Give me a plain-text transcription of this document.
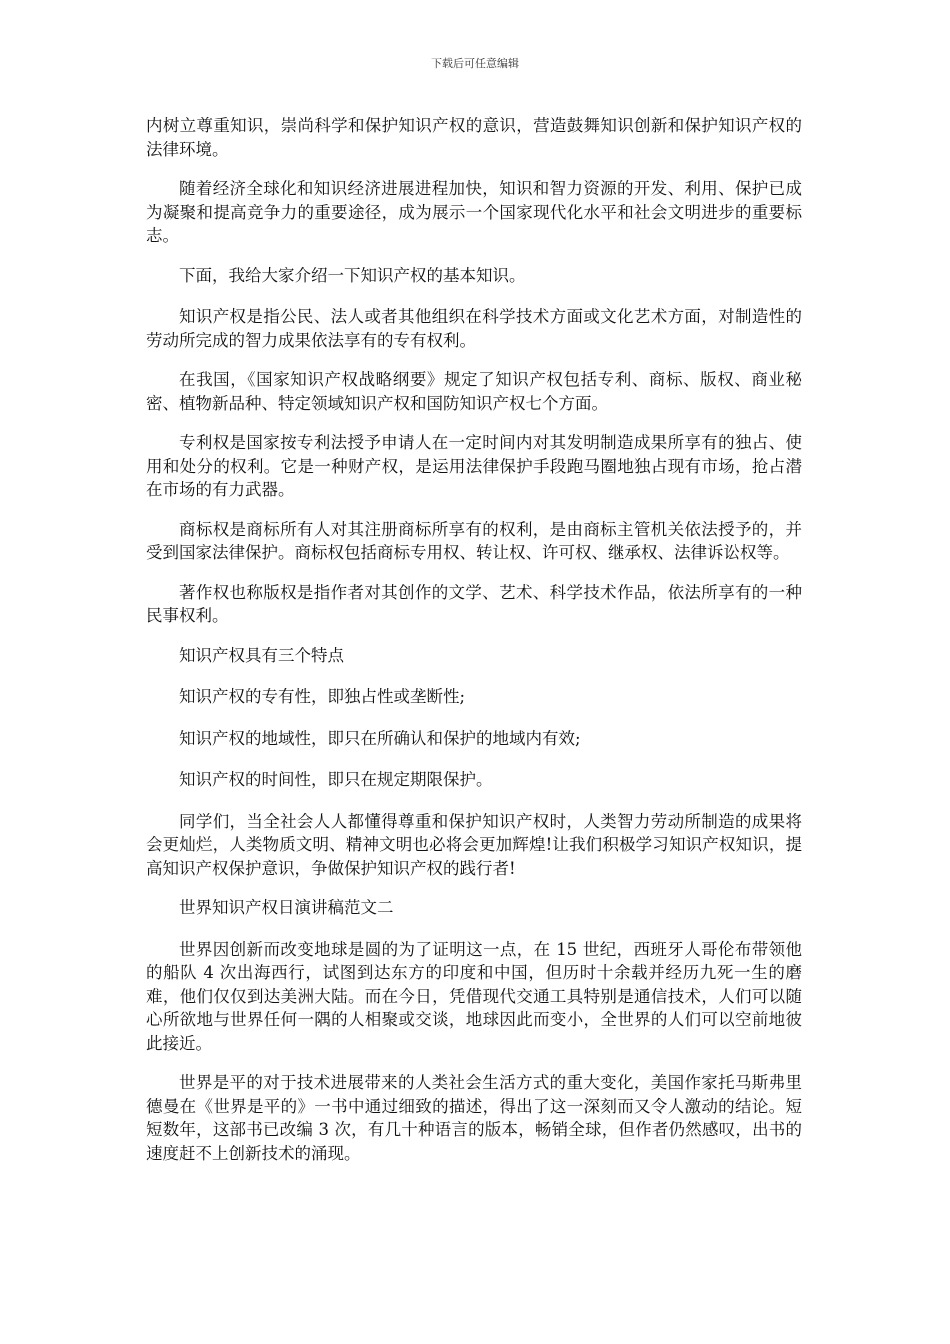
下载后可任意编辑

内树立尊重知识，崇尚科学和保护知识产权的意识，营造鼓舞知识创新和保护知识产权的法律环境。

随着经济全球化和知识经济进展进程加快，知识和智力资源的开发、利用、保护已成为凝聚和提高竞争力的重要途径，成为展示一个国家现代化水平和社会文明进步的重要标志。

下面，我给大家介绍一下知识产权的基本知识。

知识产权是指公民、法人或者其他组织在科学技术方面或文化艺术方面，对制造性的劳动所完成的智力成果依法享有的专有权利。

在我国，《国家知识产权战略纲要》规定了知识产权包括专利、商标、版权、商业秘密、植物新品种、特定领域知识产权和国防知识产权七个方面。

专利权是国家按专利法授予申请人在一定时间内对其发明制造成果所享有的独占、使用和处分的权利。它是一种财产权，是运用法律保护手段跑马圈地独占现有市场，抢占潜在市场的有力武器。

商标权是商标所有人对其注册商标所享有的权利，是由商标主管机关依法授予的，并受到国家法律保护。商标权包括商标专用权、转让权、许可权、继承权、法律诉讼权等。

著作权也称版权是指作者对其创作的文学、艺术、科学技术作品，依法所享有的一种民事权利。

知识产权具有三个特点

知识产权的专有性，即独占性或垄断性;

知识产权的地域性，即只在所确认和保护的地域内有效;

知识产权的时间性，即只在规定期限保护。

同学们，当全社会人人都懂得尊重和保护知识产权时，人类智力劳动所制造的成果将会更灿烂，人类物质文明、精神文明也必将会更加辉煌!让我们积极学习知识产权知识，提高知识产权保护意识，争做保护知识产权的践行者!

世界知识产权日演讲稿范文二

世界因创新而改变地球是圆的为了证明这一点，在 15 世纪，西班牙人哥伦布带领他的船队 4 次出海西行，试图到达东方的印度和中国，但历时十余载并经历九死一生的磨难，他们仅仅到达美洲大陆。而在今日，凭借现代交通工具特别是通信技术，人们可以随心所欲地与世界任何一隅的人相聚或交谈，地球因此而变小，全世界的人们可以空前地彼此接近。

世界是平的对于技术进展带来的人类社会生活方式的重大变化，美国作家托马斯弗里德曼在《世界是平的》一书中通过细致的描述，得出了这一深刻而又令人激动的结论。短短数年，这部书已改编 3 次，有几十种语言的版本，畅销全球，但作者仍然感叹，出书的速度赶不上创新技术的涌现。
